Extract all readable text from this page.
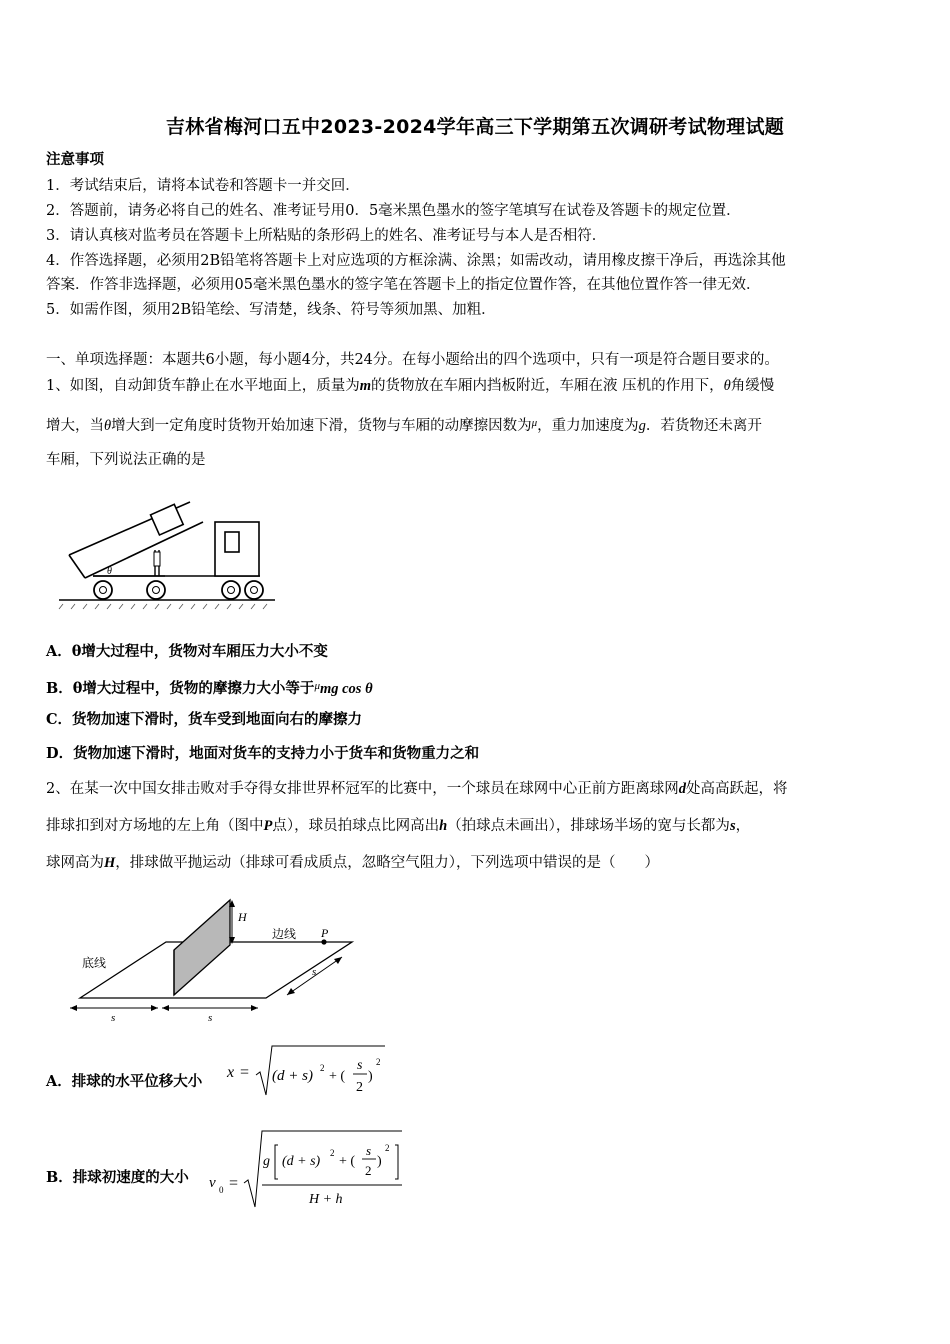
吉林省梅河口五中2023-2024学年高三下学期第五次调研考试物理试题
注意事项
1．考试结束后，请将本试卷和答题卡一并交回．
2．答题前，请务必将自己的姓名、准考证号用0．5毫米黑色墨水的签字笔填写在试卷及答题卡的规定位置．
3．请认真核对监考员在答题卡上所粘贴的条形码上的姓名、准考证号与本人是否相符．
4．作答选择题，必须用2B铅笔将答题卡上对应选项的方框涂满、涂黑；如需改动，请用橡皮擦干净后，再选涂其他
答案．作答非选择题，必须用05毫米黑色墨水的签字笔在答题卡上的指定位置作答，在其他位置作答一律无效．
5．如需作图，须用2B铅笔绘、写清楚，线条、符号等须加黑、加粗．
一、单项选择题：本题共6小题，每小题4分，共24分。在每小题给出的四个选项中，只有一项是符合题目要求的。
1、如图，自动卸货车静止在水平地面上，质量为m的货物放在车厢内挡板附近，车厢在液 压机的作用下，θ角缓慢
增大，当θ增大到一定角度时货物开始加速下滑，货物与车厢的动摩擦因数为$^\mu$，重力加速度为g．若货物还未离开
车厢，下列说法正确的是
θ
A．θ增大过程中，货物对车厢压力大小不变
B．θ增大过程中，货物的摩擦力大小等于$^\mu$mg cos θ
C．货物加速下滑时，货车受到地面向右的摩擦力
D．货物加速下滑时，地面对货车的支持力小于货车和货物重力之和
2、在某一次中国女排击败对手夺得女排世界杯冠军的比赛中，一个球员在球网中心正前方距离球网d处高高跃起，将
排球扣到对方场地的左上角（图中P点），球员拍球点比网高出h（拍球点未画出），排球场半场的宽与长都为s，
球网高为H，排球做平抛运动（排球可看成质点，忽略空气阻力），下列选项中错误的是（　　）
H
边线 P
底线
s
s	s
A．排球的水平位移大小
x = (d + s) 2
+ (
s
2
)
2
B．排球初速度的大小 v 0 =
g (d + s)
2
+ (
s
2
)
2
H + h
